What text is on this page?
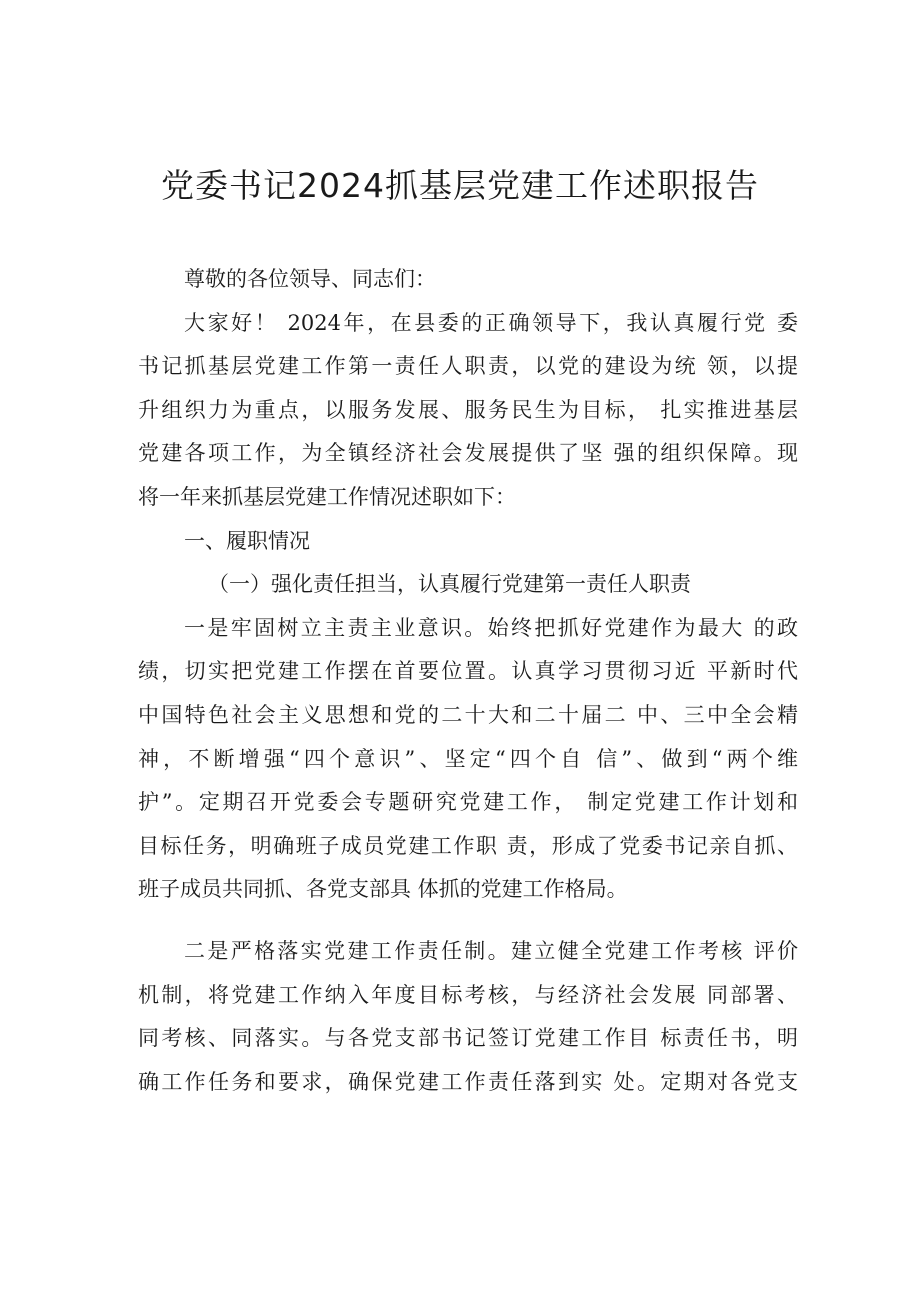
党委书记2024抓基层党建工作述职报告
尊敬的各位领导、同志们：
大家好！ 2024年，在县委的正确领导下，我认真履行党 委
书记抓基层党建工作第一责任人职责，以党的建设为统 领，以提
升组织力为重点，以服务发展、服务民生为目标， 扎实推进基层
党建各项工作，为全镇经济社会发展提供了坚 强的组织保障。现
将一年来抓基层党建工作情况述职如下：
一、履职情况
（一）强化责任担当，认真履行党建第一责任人职责
一是牢固树立主责主业意识。始终把抓好党建作为最大 的政
绩，切实把党建工作摆在首要位置。认真学习贯彻习近 平新时代
中国特色社会主义思想和党的二十大和二十届二 中、三中全会精
神，不断增强“四个意识”、坚定“四个自 信”、做到“两个维
护”。定期召开党委会专题研究党建工作， 制定党建工作计划和
目标任务，明确班子成员党建工作职 责，形成了党委书记亲自抓、
班子成员共同抓、各党支部具 体抓的党建工作格局。
二是严格落实党建工作责任制。建立健全党建工作考核 评价
机制，将党建工作纳入年度目标考核，与经济社会发展 同部署、
同考核、同落实。与各党支部书记签订党建工作目 标责任书，明
确工作任务和要求，确保党建工作责任落到实 处。定期对各党支
